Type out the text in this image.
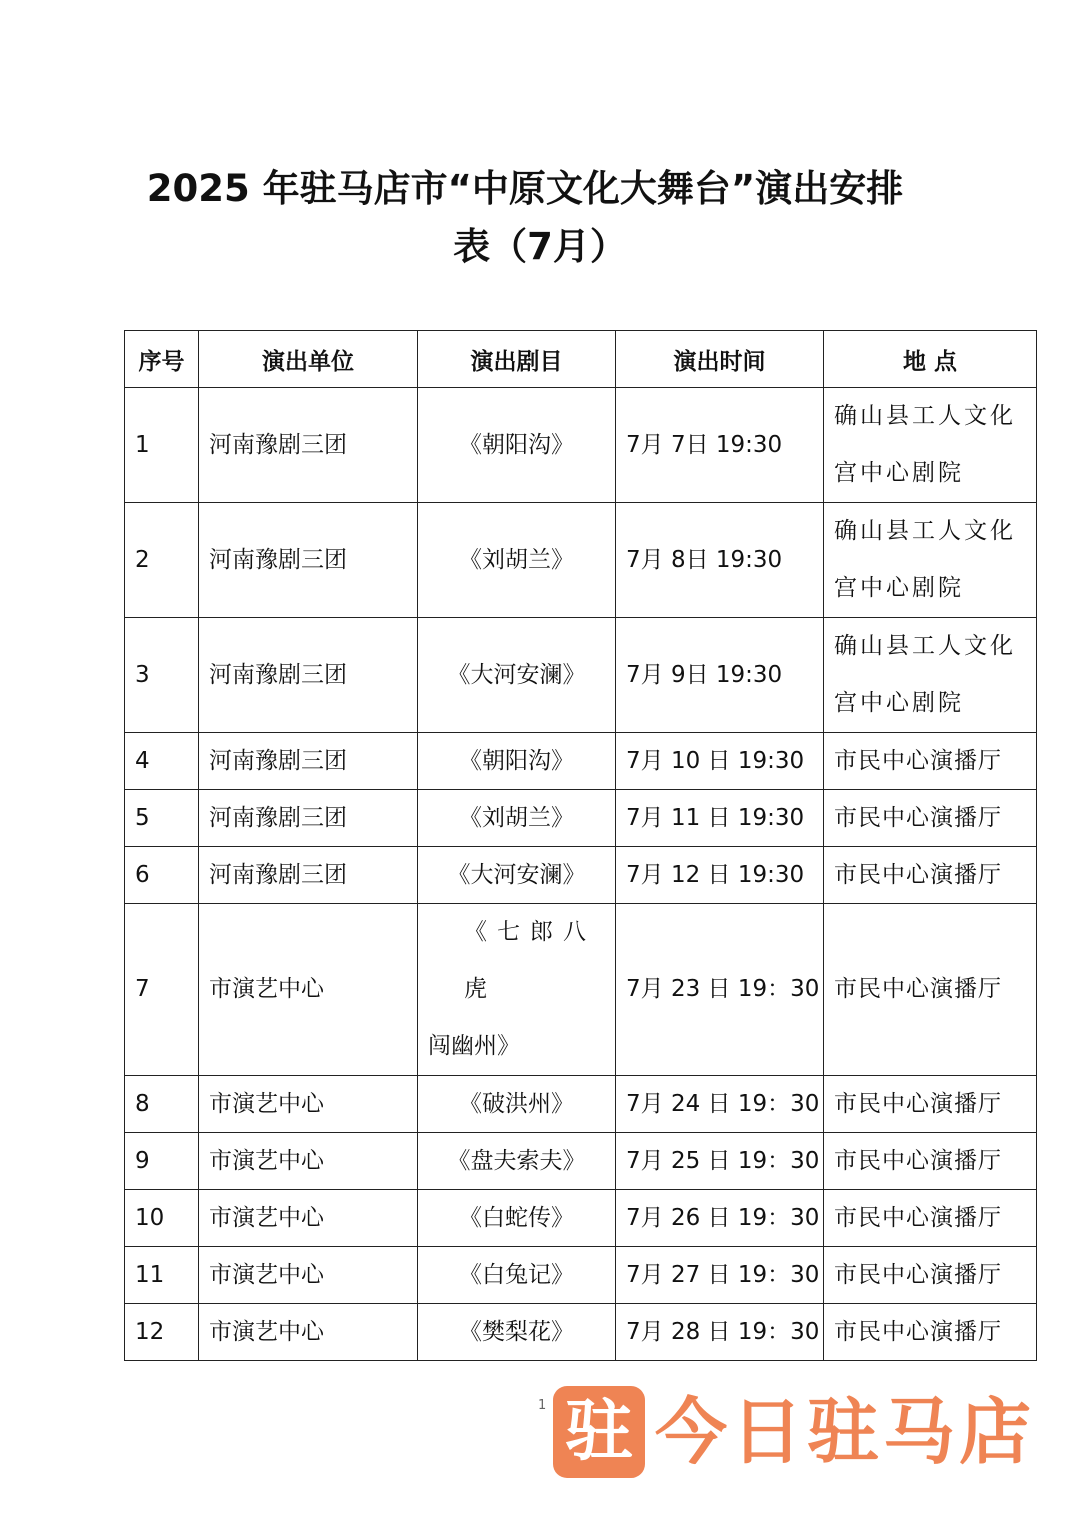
2025 年驻马店市“中原文化大舞台”演出安排
表（7月）
序号	演出单位	演出剧目	演出时间	地 点
1	河南豫剧三团	《朝阳沟》	7月 7日 19:30	确山县工人文化宫中心剧院
2	河南豫剧三团	《刘胡兰》	7月 8日 19:30	确山县工人文化宫中心剧院
3	河南豫剧三团	《大河安澜》	7月 9日 19:30	确山县工人文化宫中心剧院
4	河南豫剧三团	《朝阳沟》	7月 10 日 19:30	市民中心演播厅
5	河南豫剧三团	《刘胡兰》	7月 11 日 19:30	市民中心演播厅
6	河南豫剧三团	《大河安澜》	7月 12 日 19:30	市民中心演播厅
7	市演艺中心	《七郎八虎
闯幽州》	7月 23 日 19：30	市民中心演播厅
8	市演艺中心	《破洪州》	7月 24 日 19：30	市民中心演播厅
9	市演艺中心	《盘夫索夫》	7月 25 日 19：30	市民中心演播厅
10	市演艺中心	《白蛇传》	7月 26 日 19：30	市民中心演播厅
11	市演艺中心	《白兔记》	7月 27 日 19：30	市民中心演播厅
12	市演艺中心	《樊梨花》	7月 28 日 19：30	市民中心演播厅
1 驻 今日驻马店
